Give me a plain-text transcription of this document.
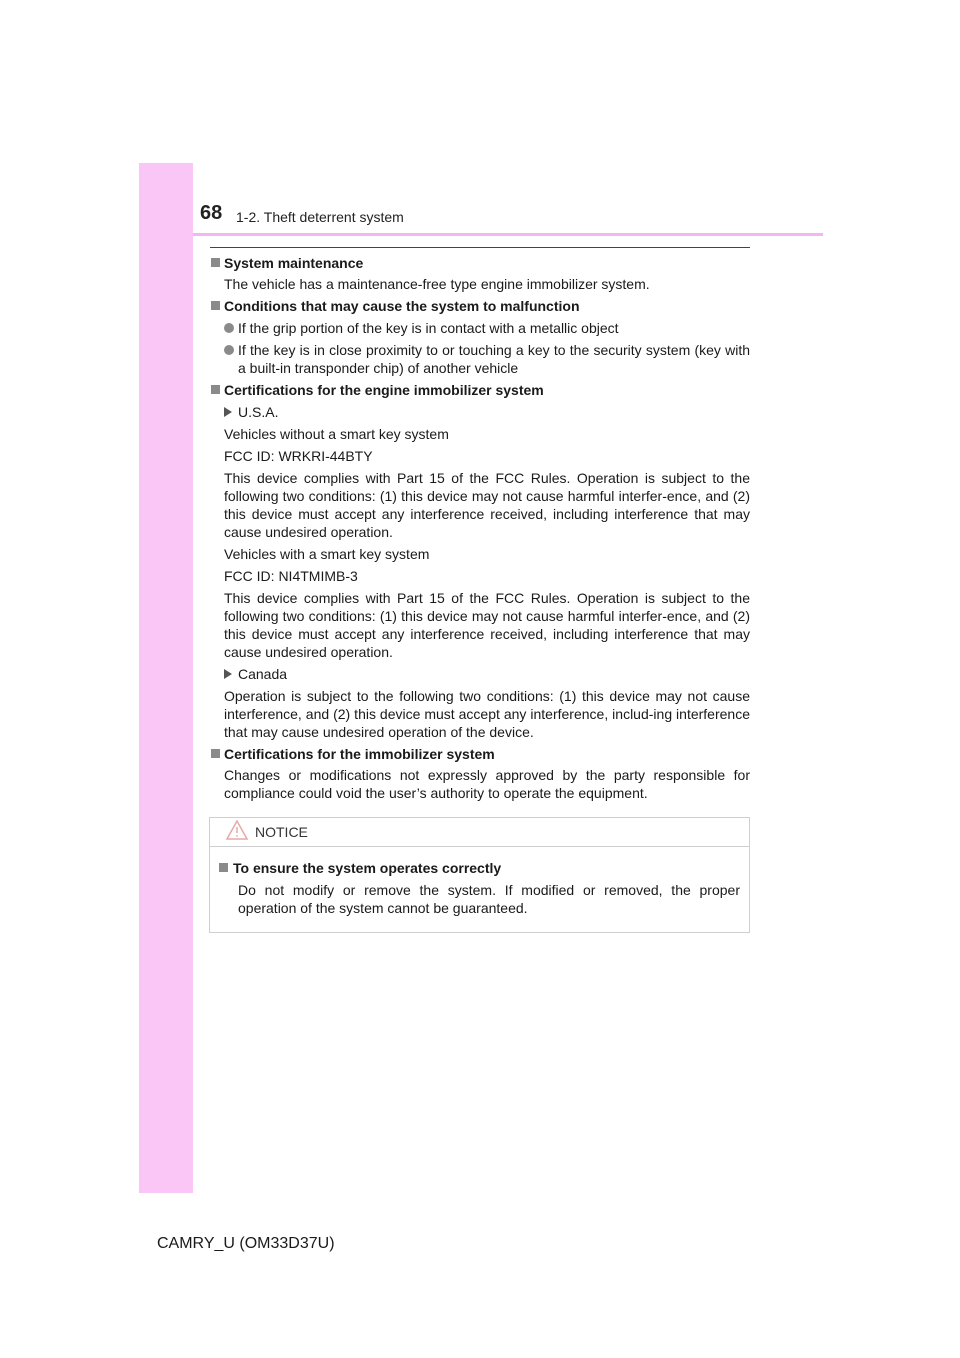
68 1-2. Theft deterrent system
System maintenance
The vehicle has a maintenance-free type engine immobilizer system.
Conditions that may cause the system to malfunction
If the grip portion of the key is in contact with a metallic object
If the key is in close proximity to or touching a key to the security system (key with a built-in transponder chip) of another vehicle
Certifications for the engine immobilizer system
U.S.A.
Vehicles without a smart key system
FCC ID: WRKRI-44BTY
This device complies with Part 15 of the FCC Rules. Operation is subject to the following two conditions: (1) this device may not cause harmful interfer-ence, and (2) this device must accept any interference received, including interference that may cause undesired operation.
Vehicles with a smart key system
FCC ID: NI4TMIMB-3
This device complies with Part 15 of the FCC Rules. Operation is subject to the following two conditions: (1) this device may not cause harmful interfer-ence, and (2) this device must accept any interference received, including interference that may cause undesired operation.
Canada
Operation is subject to the following two conditions: (1) this device may not cause interference, and (2) this device must accept any interference, includ-ing interference that may cause undesired operation of the device.
Certifications for the immobilizer system
Changes or modifications not expressly approved by the party responsible for compliance could void the user’s authority to operate the equipment.
NOTICE
To ensure the system operates correctly
Do not modify or remove the system. If modified or removed, the proper operation of the system cannot be guaranteed.
CAMRY_U (OM33D37U)
